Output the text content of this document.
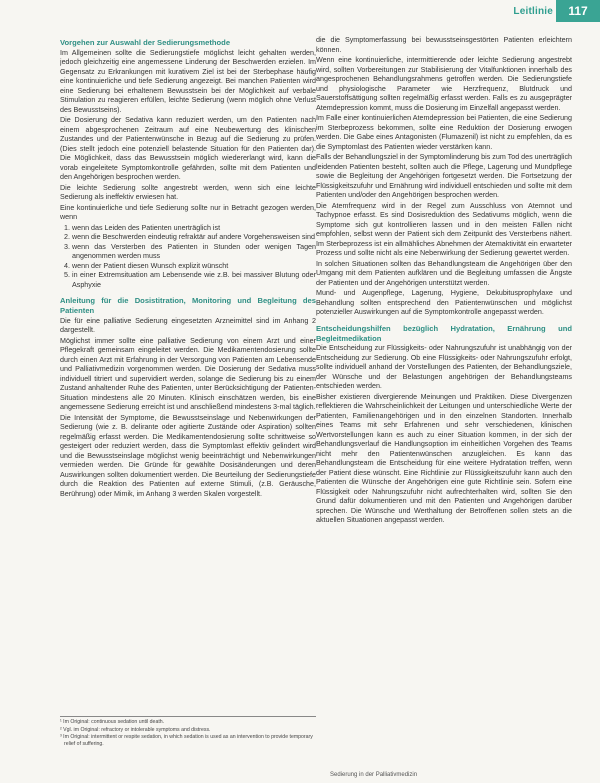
Leitlinie	117
Vorgehen zur Auswahl der Sedierungsmethode

Im Allgemeinen sollte die Sedierungstiefe möglichst leicht gehalten werden, jedoch gleichzeitig eine angemessene Linderung der Beschwerden erzielen. Im Gegensatz zu Erkrankungen mit kurativem Ziel ist bei der Sterbephase häufig eine kontinuierliche und tiefe Sedierung angezeigt. Bei manchen Patienten wird eine Sedierung bei erhaltenem Bewusstsein bei der Möglichkeit auf verbale Stimulation zu reagieren erfüllen, leichte Sedierung (wenn möglich ohne Verlust des Bewusstseins).

Die Dosierung der Sedativa kann reduziert werden, um den Patienten nach einem abgesprochenen Zeitraum auf eine Neubewertung des klinischen Zustandes und der Patientenwünsche in Bezug auf die Sedierung zu prüfen. (Dies stellt jedoch eine potenziell belastende Situation für den Patienten dar). Die Möglichkeit, dass das Bewusstsein möglich wiedererlangt wird, kann die vorab eingeleitete Symptomkontrolle gefährden, sollte mit dem Patienten und den Angehörigen besprochen werden.

Die leichte Sedierung sollte angestrebt werden, wenn sich eine leichte Sedierung als ineffektiv erwiesen hat.

Eine kontinuierliche und tiefe Sedierung sollte nur in Betracht gezogen werden, wenn

1. wenn das Leiden des Patienten unerträglich ist
2. wenn die Beschwerden eindeutig refraktär auf andere Vorgehensweisen sind
3. wenn das Versterben des Patienten in Stunden oder wenigen Tagen angenommen werden muss
4. wenn der Patient diesen Wunsch explizit wünscht
5. in einer Extremsituation am Lebensende wie z.B. bei massiver Blutung oder Asphyxie
Anleitung für die Dosistitration, Monitoring und Begleitung des Patienten

Die für eine palliative Sedierung eingesetzten Arzneimittel sind im Anhang 2 dargestellt.

Möglichst immer sollte eine palliative Sedierung von einem Arzt und einer Pflegekraft gemeinsam eingeleitet werden. Die Medikamentendosierung sollte durch einen Arzt mit Erfahrung in der Versorgung von Patienten am Lebensende und Palliativmedizin vorgenommen werden. Die Dosierung der Sedativa muss individuell titriert und supervidiert werden, solange die Sedierung bis zu einem Zustand anhaltender Ruhe des Patienten, unter Berücksichtigung der Patienten-Situation mindestens alle 20 Minuten. Klinisch einschätzen werden, bis eine angemessene Sedierung erreicht ist und anschließend mindestens 3-mal täglich.

Die Intensität der Symptome, die Bewusstseinslage und Nebenwirkungen der Sedierung (wie z. B. delirante oder agitierte Zustände oder Aspiration) sollten regelmäßig erfasst werden. Die Medikamentendosierung sollte schrittweise so gesteigert oder reduziert werden, dass die Symptomlast effektiv gelindert wird und die Bewusstseinslage möglichst wenig beeinträchtigt und Nebenwirkungen vermieden werden. Die Gründe für gewählte Dosisänderungen und deren Auswirkungen sollten dokumentiert werden. Die Beurteilung der Sedierungstiefe durch die Reaktion des Patienten auf externe Stimuli, (z.B. Geräusche, Berührung) oder Mimik, im Anhang 3 werden Skalen vorgestellt.

¹ Im Original: continuous sedation until death.

² Vgl. im Original: refractory or intolerable symptoms and distress.

³ Im Original: intermittent or respite sedation, in which sedation is used as an intervention to provide temporary relief of suffering.

die die Symptomerfassung bei bewusstseinsgestörten Patienten erleichtern können.

Wenn eine kontinuierliche, intermittierende oder leichte Sedierung angestrebt wird, sollten Vorbereitungen zur Stabilisierung der Vitalfunktionen innerhalb des angesprochenen Behandlungsrahmens getroffen werden. Die Sedierungstiefe und physiologische Parameter wie Herzfrequenz, Blutdruck und Sauerstoffsättigung sollten regelmäßig erfasst werden. Falls es zu ausgeprägter Atemdepression kommt, muss die Dosierung im Einzelfall angepasst werden.

Im Falle einer kontinuierlichen Atemdepression bei Patienten, die eine Sedierung im Sterbeprozess bekommen, sollte eine Reduktion der Dosierung erwogen werden. Die Gabe eines Antagonisten (Flumazenil) ist nicht zu empfehlen, da es die Symptomlast des Patienten wieder verstärken kann.

Falls der Behandlungsziel in der Symptomlinderung bis zum Tod des unerträglich leidenden Patienten besteht, sollten auch die Pflege, Lagerung und Mundpflege sowie die Begleitung der Angehörigen fortgesetzt werden. Die Fortsetzung der Flüssigkeitszufuhr und Ernährung wird individuell entschieden und sollte mit dem Patienten und/oder den Angehörigen besprochen werden.

Die Atemfrequenz wird in der Regel zum Ausschluss von Atemnot und Tachypnoe erfasst. Es sind Dosisreduktion des Sedativums möglich, wenn die Symptome sich gut kontrollieren lassen und in den meisten Fällen nicht empfohlen, selbst wenn der Patient sich dem Zeitpunkt des Versterbens nähert. Im Sterbeprozess ist ein allmähliches Abnehmen der Atemaktivität ein erwarteter Prozess und sollte nicht als eine Nebenwirkung der Sedierung gewertet werden.

In solchen Situationen sollten das Behandlungsteam die Angehörigen über den Umgang mit dem Patienten aufklären und die Begleitung umfassen die Ängste der Patienten und der Angehörigen unterstützt werden.

Mund- und Augenpflege, Lagerung, Hygiene, Dekubitusprophylaxe und Behandlung sollten entsprechend den Patientenwünschen und möglichst potenzieller Auswirkungen auf die Symptomkontrolle angepasst werden.

Entscheidungshilfen bezüglich Hydratation, Ernährung und Begleitmedikation

Die Entscheidung zur Flüssigkeits- oder Nahrungszufuhr ist unabhängig von der Entscheidung zur Sedierung. Ob eine Flüssigkeits- oder Nahrungszufuhr erfolgt, sollte individuell anhand der Vorstellungen des Patienten, der Behandlungsziele, der Wünsche und der Belastungen angehörigen der Behandlungsteams entschieden werden.

Bisher existieren divergierende Meinungen und Praktiken. Diese Divergenzen reflektieren die Wahrscheinlichkeit der Leitungen und unterschiedliche Werte der Patienten, Familienangehörigen und in den einzelnen Standorten. Innerhalb eines Teams mit sehr Erfahrenen und sehr verschiedenen, klinischen Wertvorstellungen kann es auch zu einer Situation kommen, in der sich der Behandlungsverlauf die Handlungsoption im einheitlichen Vorgehen des Teams nicht mehr den Patientenwünschen anzugleichen. Es kann das Behandlungsteam die Entscheidung für eine weitere Hydratation treffen, wenn der Patient diese wünscht. Eine Richtlinie zur Flüssigkeitszufuhr kann auch den Patienten die Wünsche der Angehörigen eine gute Richtlinie sein. Sofern eine Flüssigkeit oder Nahrungszufuhr nicht aufrechterhalten wird, sollten Sie den Grund dafür dokumentieren und mit den Patienten und Angehörigen darüber sprechen. Die Wünsche und Werthaltung der Betroffenen sollen stets an die aktuellen Situationen angepasst werden.

Sedierung in der Palliativmedizin
